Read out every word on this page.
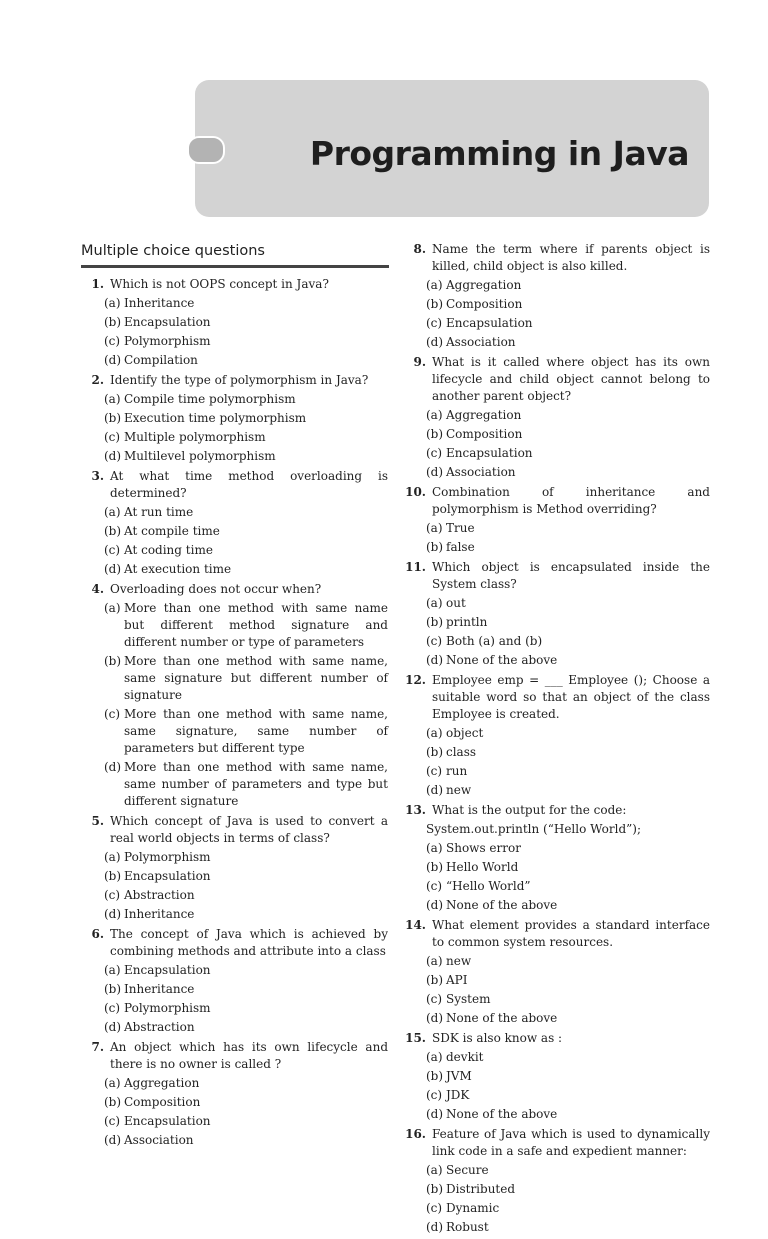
Programming in Java
Multiple choice questions
1. Which is not OOPS concept in Java?
(a) Inheritance
(b) Encapsulation
(c) Polymorphism
(d) Compilation
2. Identify the type of polymorphism in Java?
(a) Compile time polymorphism
(b) Execution time polymorphism
(c) Multiple polymorphism
(d) Multilevel polymorphism
3. At what time method overloading is determined?
(a) At run time
(b) At compile time
(c) At coding time
(d) At execution time
4. Overloading does not occur when?
(a) More than one method with same name but different method signature and different number or type of parameters
(b) More than one method with same name, same signature but different number of signature
(c) More than one method with same name, same signature, same number of parameters but different type
(d) More than one method with same name, same number of parameters and type but different signature
5. Which concept of Java is used to convert a real world objects in terms of class?
(a) Polymorphism
(b) Encapsulation
(c) Abstraction
(d) Inheritance
6. The concept of Java which is achieved by combining methods and attribute into a class
(a) Encapsulation
(b) Inheritance
(c) Polymorphism
(d) Abstraction
7. An object which has its own lifecycle and there is no owner is called ?
(a) Aggregation
(b) Composition
(c) Encapsulation
(d) Association
8. Name the term where if parents object is killed, child object is also killed.
(a) Aggregation
(b) Composition
(c) Encapsulation
(d) Association
9. What is it called where object has its own lifecycle and child object cannot belong to another parent object?
(a) Aggregation
(b) Composition
(c) Encapsulation
(d) Association
10. Combination of inheritance and polymorphism is Method overriding?
(a) True
(b) false
11. Which object is encapsulated inside the System class?
(a) out
(b) println
(c) Both (a) and (b)
(d) None of the above
12. Employee emp = ___ Employee (); Choose a suitable word so that an object of the class Employee is created.
(a) object
(b) class
(c) run
(d) new
13. What is the output for the code:
System.out.println (“Hello World”);
(a) Shows error
(b) Hello World
(c) “Hello World”
(d) None of the above
14. What element provides a standard interface to common system resources.
(a) new
(b) API
(c) System
(d) None of the above
15. SDK is also know as :
(a) devkit
(b) JVM
(c) JDK
(d) None of the above
16. Feature of Java which is used to dynamically link code in a safe and expedient manner:
(a) Secure
(b) Distributed
(c) Dynamic
(d) Robust
